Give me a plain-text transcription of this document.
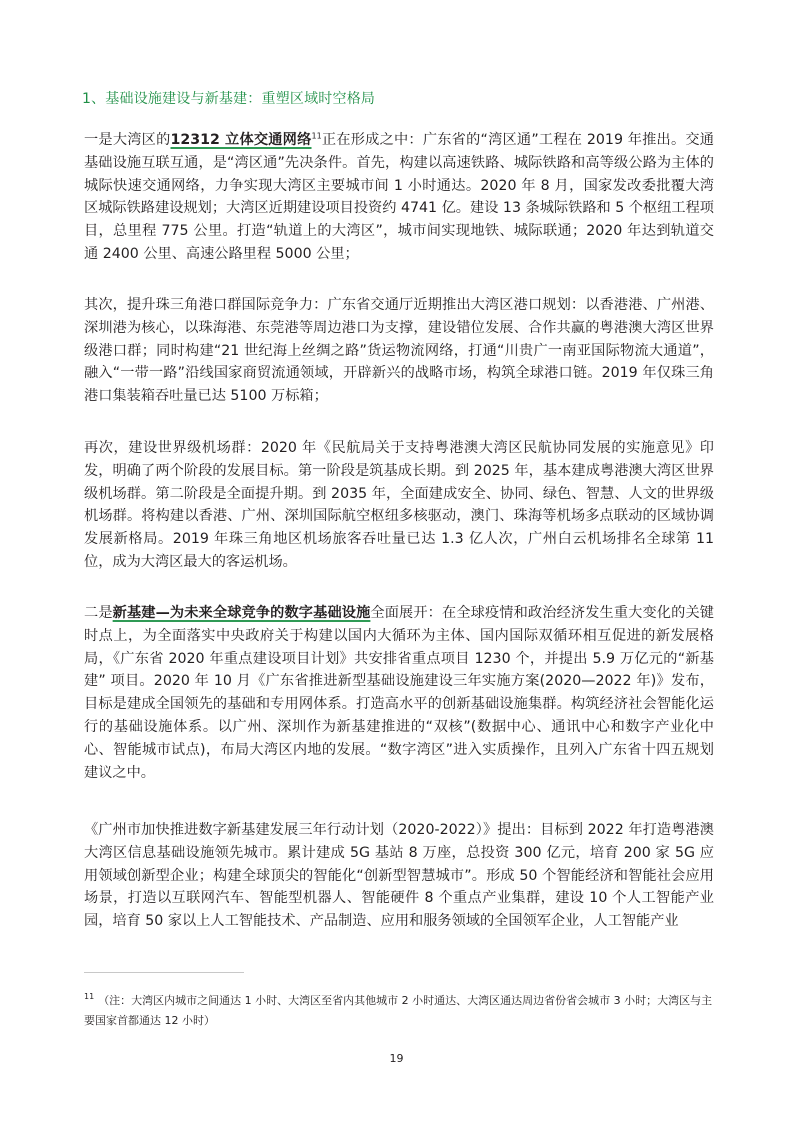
1、基础设施建设与新基建：重塑区域时空格局

一是大湾区的12312 立体交通网络$^{11}$正在形成之中：广东省的“湾区通”工程在 2019 年推出。交通基础设施互联互通，是“湾区通”先决条件。首先，构建以高速铁路、城际铁路和高等级公路为主体的城际快速交通网络，力争实现大湾区主要城市间 1 小时通达。2020 年 8 月，国家发改委批覆大湾区城际铁路建设规划；大湾区近期建设项目投资约 4741 亿。建设 13 条城际铁路和 5 个枢纽工程项目，总里程 775 公里。打造“轨道上的大湾区”，城市间实现地铁、城际联通；2020 年达到轨道交通 2400 公里、高速公路里程 5000 公里；

其次，提升珠三角港口群国际竞争力：广东省交通厅近期推出大湾区港口规划：以香港港、广州港、深圳港为核心，以珠海港、东莞港等周边港口为支撑，建设错位发展、合作共赢的粤港澳大湾区世界级港口群；同时构建“21 世纪海上丝绸之路”货运物流网络，打通“川贵广一南亚国际物流大通道”，融入“一带一路”沿线国家商贸流通领域，开辟新兴的战略市场，构筑全球港口链。2019 年仅珠三角港口集装箱吞吐量已达 5100 万标箱；

再次，建设世界级机场群：2020 年《民航局关于支持粤港澳大湾区民航协同发展的实施意见》印发，明确了两个阶段的发展目标。第一阶段是筑基成长期。到 2025 年，基本建成粤港澳大湾区世界级机场群。第二阶段是全面提升期。到 2035 年，全面建成安全、协同、绿色、智慧、人文的世界级机场群。将构建以香港、广州、深圳国际航空枢纽多核驱动，澳门、珠海等机场多点联动的区域协调发展新格局。2019 年珠三角地区机场旅客吞吐量已达 1.3 亿人次，广州白云机场排名全球第 11 位，成为大湾区最大的客运机场。

二是新基建—为未来全球竞争的数字基础设施全面展开：在全球疫情和政治经济发生重大变化的关键时点上，为全面落实中央政府关于构建以国内大循环为主体、国内国际双循环相互促进的新发展格局，《广东省 2020 年重点建设项目计划》共安排省重点项目 1230 个，并提出 5.9 万亿元的“新基建” 项目。2020 年 10 月《广东省推进新型基础设施建设三年实施方案(2020—2022 年)》发布，目标是建成全国领先的基础和专用网体系。打造高水平的创新基础设施集群。构筑经济社会智能化运行的基础设施体系。以广州、深圳作为新基建推进的“双核”(数据中心、通讯中心和数字产业化中心、智能城市试点)，布局大湾区内地的发展。“数字湾区”进入实质操作，且列入广东省十四五规划建议之中。

《广州市加快推进数字新基建发展三年行动计划（2020-2022）》提出：目标到 2022 年打造粤港澳大湾区信息基础设施领先城市。累计建成 5G 基站 8 万座，总投资 300 亿元，培育 200 家 5G 应用领域创新型企业；构建全球顶尖的智能化“创新型智慧城市”。形成 50 个智能经济和智能社会应用场景，打造以互联网汽车、智能型机器人、智能硬件 8 个重点产业集群，建设 10 个人工智能产业园，培育 50 家以上人工智能技术、产品制造、应用和服务领域的全国领军企业，人工智能产业

$^{11}$ （注：大湾区内城市之间通达 1 小时、大湾区至省内其他城市 2 小时通达、大湾区通达周边省份省会城市 3 小时；大湾区与主要国家首都通达 12 小时）
19
